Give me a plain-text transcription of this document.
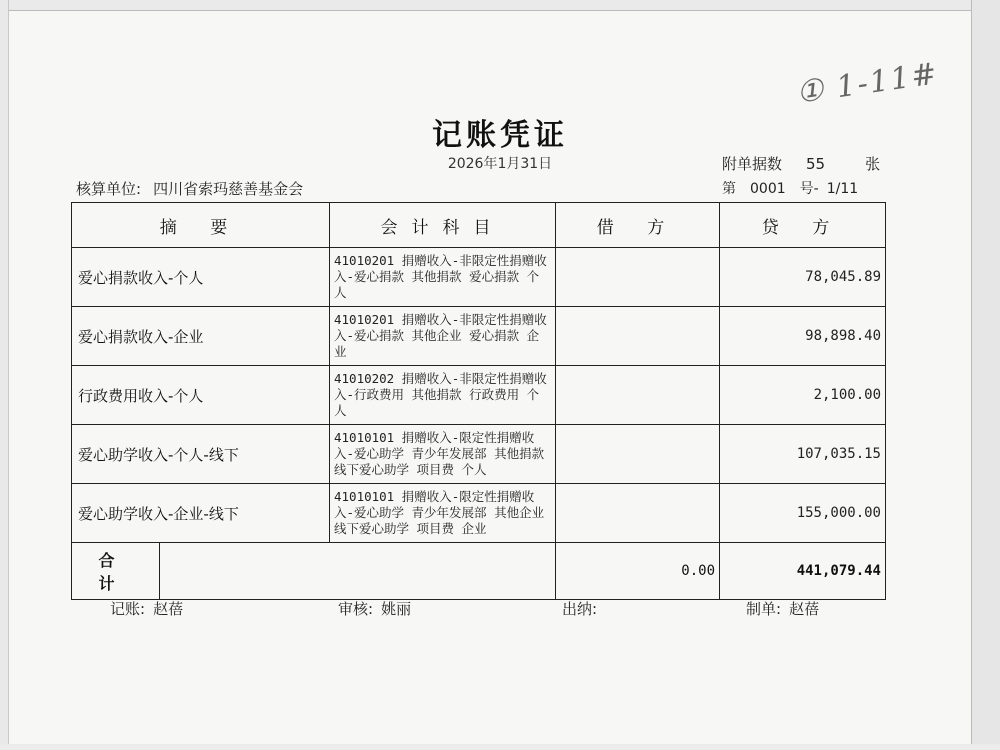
① 1-11#
记账凭证
2026年1月31日	附单据数 55	张
核算单位: 四川省索玛慈善基金会	第 0001 号- 1/11
摘 要		会计科目	借 方	贷 方
爱心捐款收入-个人		41010201 捐赠收入-非限定性捐赠收入-爱心捐款 其他捐款 爱心捐款 个人		78,045.89
爱心捐款收入-企业		41010201 捐赠收入-非限定性捐赠收入-爱心捐款 其他企业 爱心捐款 企业		98,898.40
行政费用收入-个人		41010202 捐赠收入-非限定性捐赠收入-行政费用 其他捐款 行政费用 个人		2,100.00
爱心助学收入-个人-线下		41010101 捐赠收入-限定性捐赠收入-爱心助学 青少年发展部 其他捐款 线下爱心助学 项目费 个人		107,035.15
爱心助学收入-企业-线下		41010101 捐赠收入-限定性捐赠收入-爱心助学 青少年发展部 其他企业 线下爱心助学 项目费 企业		155,000.00
合 计			0.00	441,079.44
记账: 赵蓓	审核: 姚丽	出纳:	制单: 赵蓓
